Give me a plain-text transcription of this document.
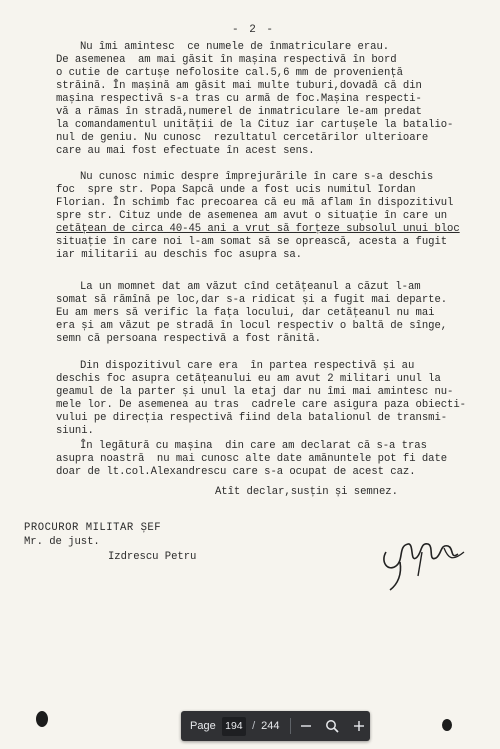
- 2 -
Nu îmi amintesc  ce numele de înmatriculare erau.
De asemenea  am mai găsit în mașina respectivă în bord
o cutie de cartușe nefolosite cal.5,6 mm de proveniență
străină. În mașină am găsit mai multe tuburi,dovadă că din
mașina respectivă s-a tras cu armă de foc.Mașina respecti-
vă a rămas în stradă,numerel de inmatriculare le-am predat
la comandamentul unității de la Cituz iar cartușele la batalio-
nul de geniu. Nu cunosc  rezultatul cercetărilor ulterioare
care au mai fost efectuate în acest sens.
Nu cunosc nimic despre împrejurările în care s-a deschis
foc  spre str. Popa Sapcă unde a fost ucis numitul Iordan
Florian. În schimb fac precoarea că eu mă aflam în dispozitivul
spre str. Cituz unde de asemenea am avut o situație în care un
cetățean de circa 40-45 ani a vrut să forțeze subsolul unui bloc
situație în care noi l-am somat să se oprească, acesta a fugit
iar militarii au deschis foc asupra sa.
La un momnet dat am văzut cînd cetățeanul a căzut l-am
somat să rămînă pe loc,dar s-a ridicat și a fugit mai departe.
Eu am mers să verific la fața locului, dar cetățeanul nu mai
era și am văzut pe stradă în locul respectiv o baltă de sînge,
semn că persoana respectivă a fost rănită.
Din dispozitivul care era  în partea respectivă și au
deschis foc asupra cetățeanului eu am avut 2 militari unul la
geamul de la parter și unul la etaj dar nu îmi mai amintesc nu-
mele lor. De asemenea au tras  cadrele care asigura paza obiecti-
vului pe direcția respectivă fiind dela batalionul de transmi-
siuni.
În legătură cu mașina  din care am declarat că s-a tras
asupra noastră  nu mai cunosc alte date amănuntele pot fi date
doar de lt.col.Alexandrescu care s-a ocupat de acest caz.
Atît declar,susțin și semnez.
PROCUROR MILITAR ȘEF
Mr. de just.
Izdrescu Petru
Page 194 / 244
